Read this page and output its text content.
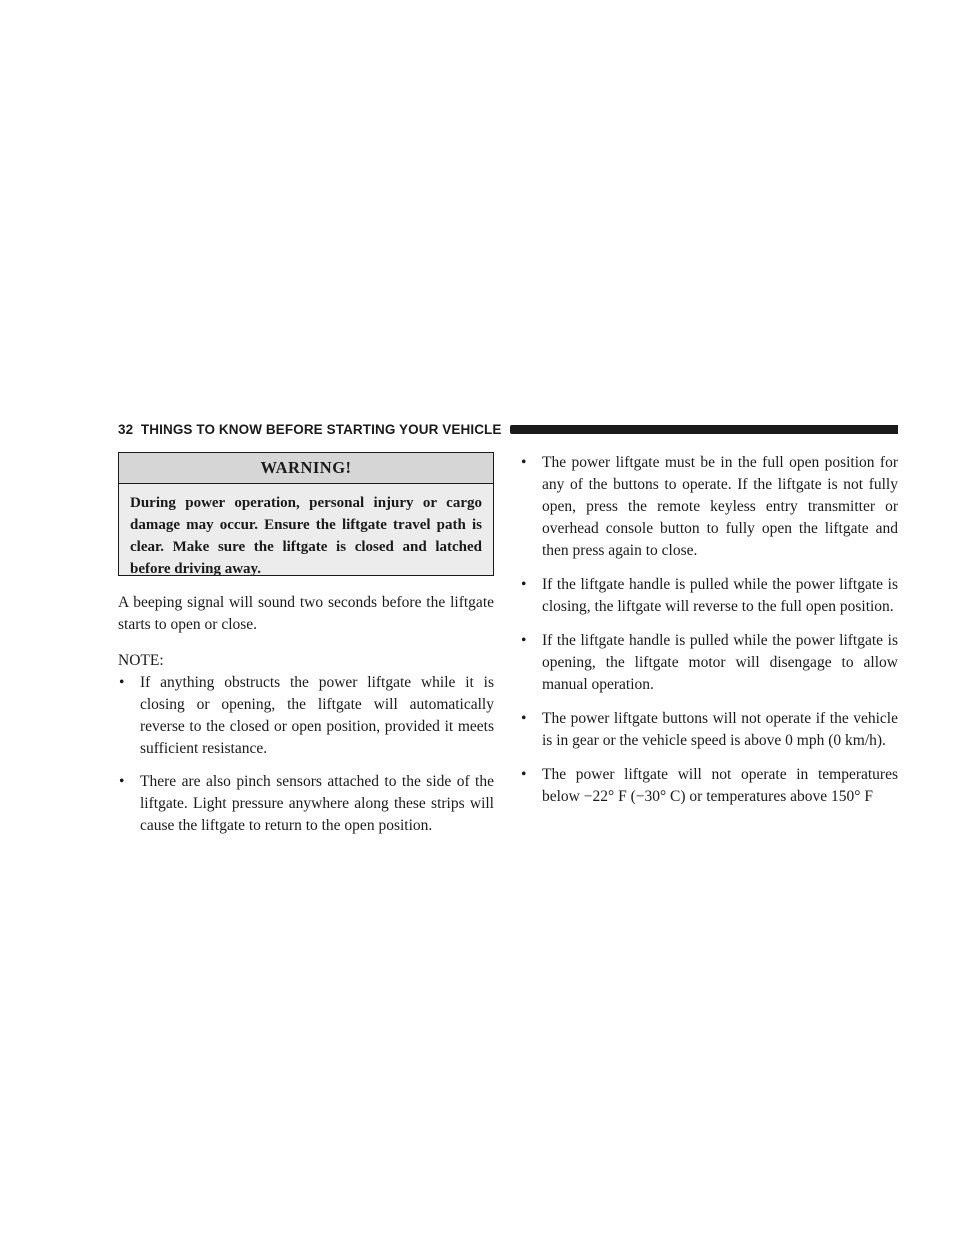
32 THINGS TO KNOW BEFORE STARTING YOUR VEHICLE
WARNING!
During power operation, personal injury or cargo damage may occur. Ensure the liftgate travel path is clear. Make sure the liftgate is closed and latched before driving away.

A beeping signal will sound two seconds before the liftgate starts to open or close.

NOTE:

• If anything obstructs the power liftgate while it is closing or opening, the liftgate will automatically reverse to the closed or open position, provided it meets sufficient resistance.
• There are also pinch sensors attached to the side of the liftgate. Light pressure anywhere along these strips will cause the liftgate to return to the open position.
• The power liftgate must be in the full open position for any of the buttons to operate. If the liftgate is not fully open, press the remote keyless entry transmitter or overhead console button to fully open the liftgate and then press again to close.
• If the liftgate handle is pulled while the power liftgate is closing, the liftgate will reverse to the full open position.
• If the liftgate handle is pulled while the power liftgate is opening, the liftgate motor will disengage to allow manual operation.
• The power liftgate buttons will not operate if the vehicle is in gear or the vehicle speed is above 0 mph (0 km/h).
• The power liftgate will not operate in temperatures below −22° F (−30° C) or temperatures above 150° F
